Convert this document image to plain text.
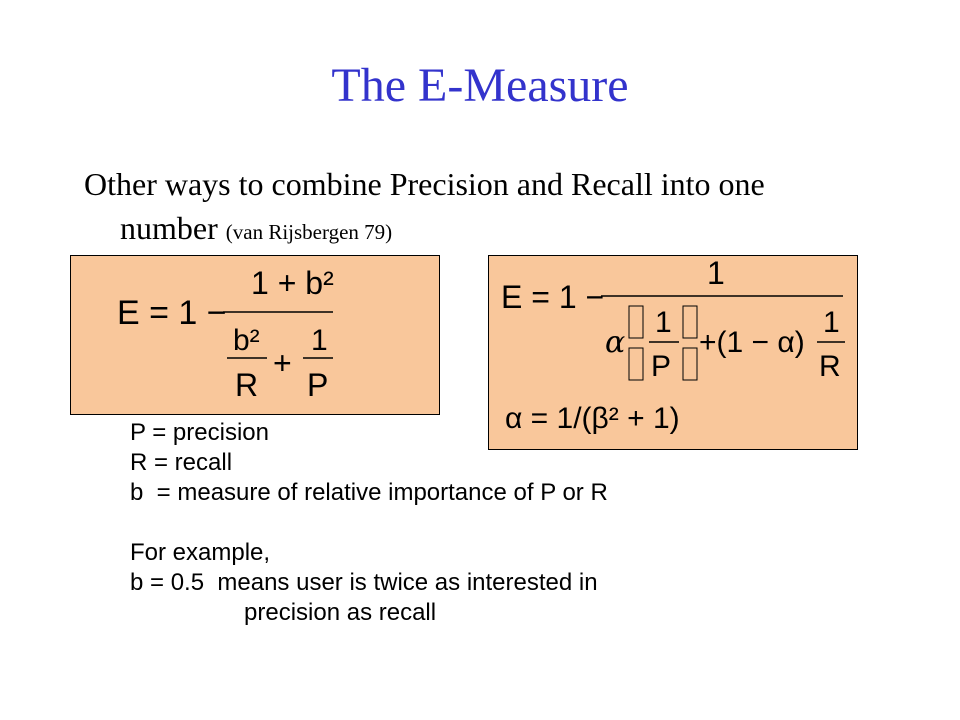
The E-Measure
Other ways to combine Precision and Recall into one
number (van Rijsbergen 79)
E = 1 −
1 + b²
b²
R
+
1
P
E = 1 −
1
α
1
P
+(1 − α)
1
R
α = 1/(β² + 1)
P = precision
R = recall
b  = measure of relative importance of P or R
For example,
b = 0.5  means user is twice as interested in
precision as recall
